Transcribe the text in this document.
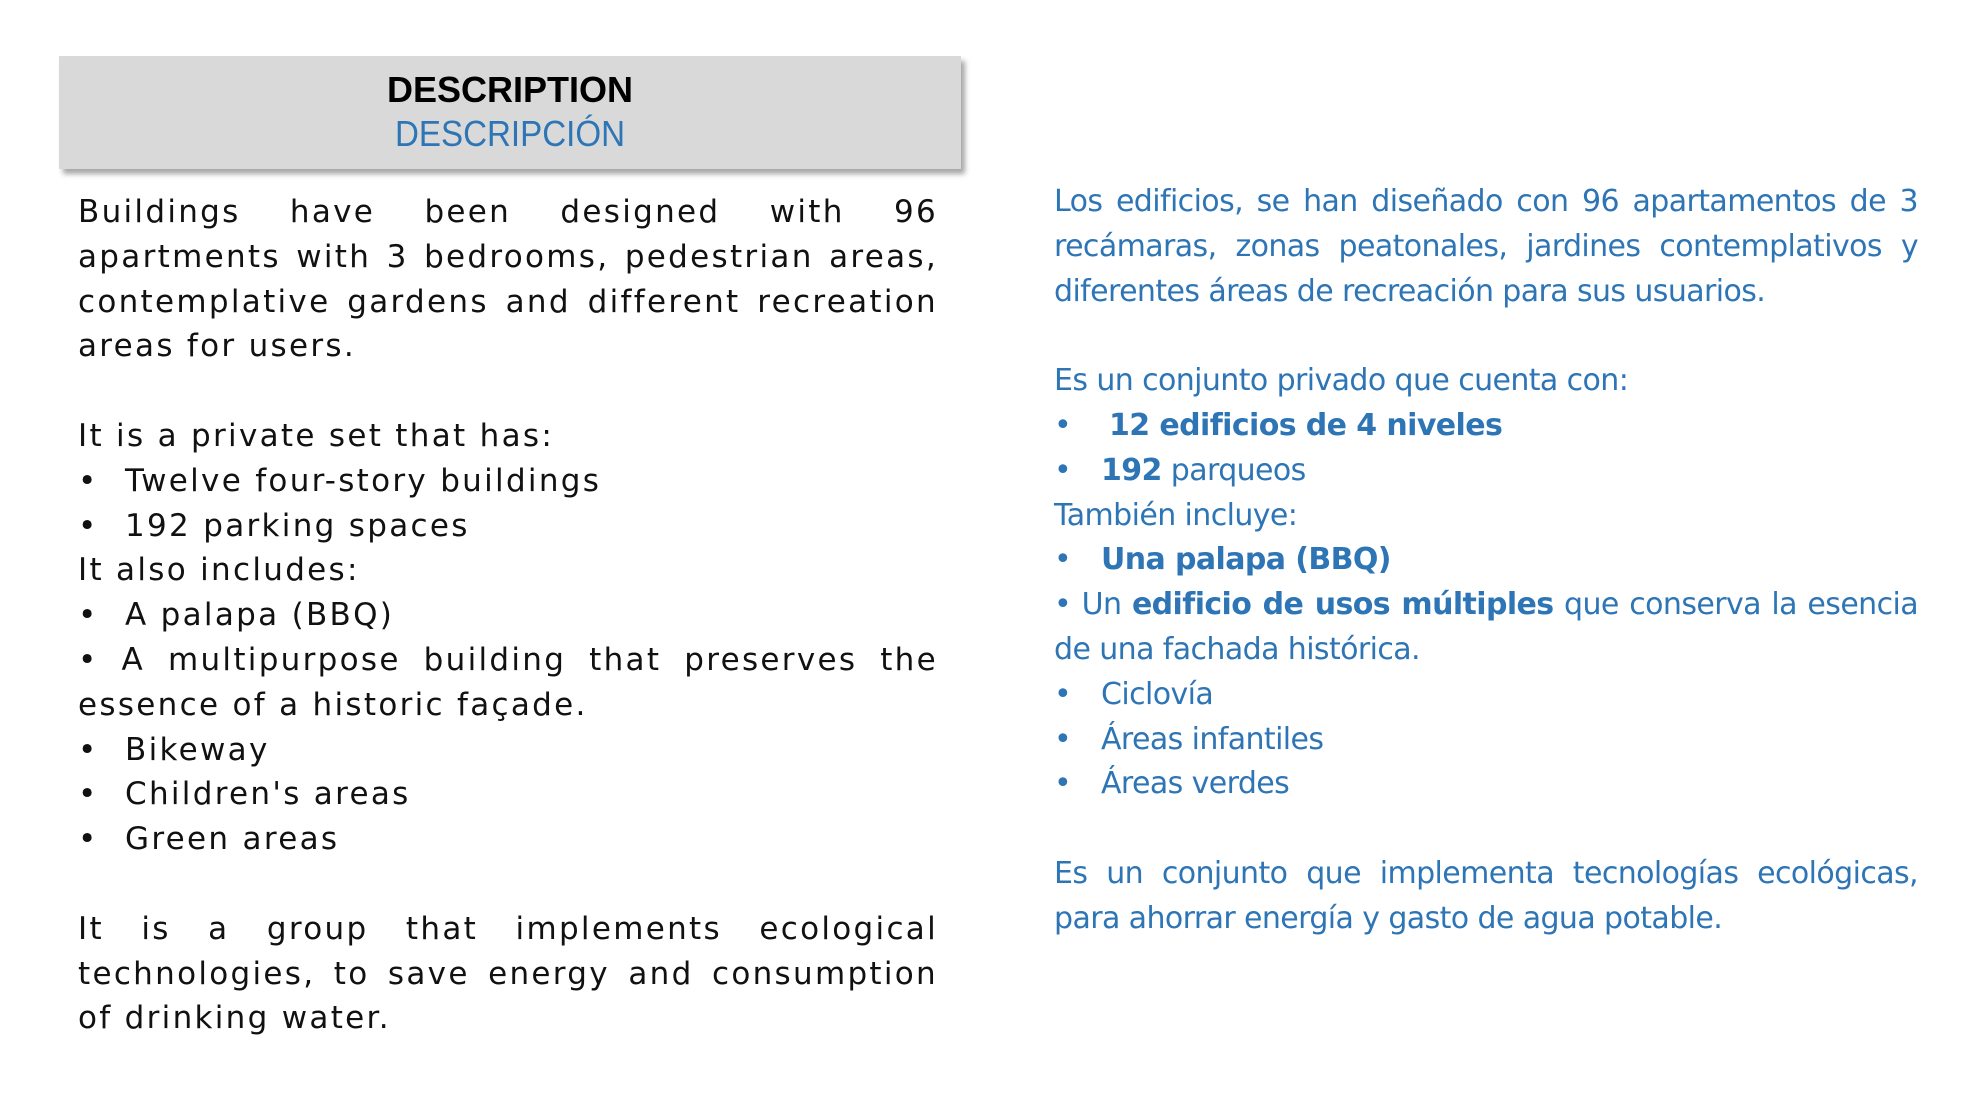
DESCRIPTION
DESCRIPCIÓN

Buildings have been designed with 96 apartments with 3 bedrooms, pedestrian areas, contemplative gardens and different recreation areas for users.

It is a private set that has:

• Twelve four-story buildings

• 192 parking spaces

It also includes:

• A palapa (BBQ)

• A multipurpose building that preserves the essence of a historic façade.

• Bikeway

• Children's areas

• Green areas

It is a group that implements ecological technologies, to save energy and consumption of drinking water.

Los edificios, se han diseñado con 96 apartamentos de 3 recámaras, zonas peatonales, jardines contemplativos y diferentes áreas de recreación para sus usuarios.

Es un conjunto privado que cuenta con:

• 12 edificios de 4 niveles

• 192 parqueos

También incluye:

• Una palapa (BBQ)

• Un edificio de usos múltiples que conserva la esencia de una fachada histórica.

• Ciclovía

• Áreas infantiles

• Áreas verdes

Es un conjunto que implementa tecnologías ecológicas, para ahorrar energía y gasto de agua potable.
